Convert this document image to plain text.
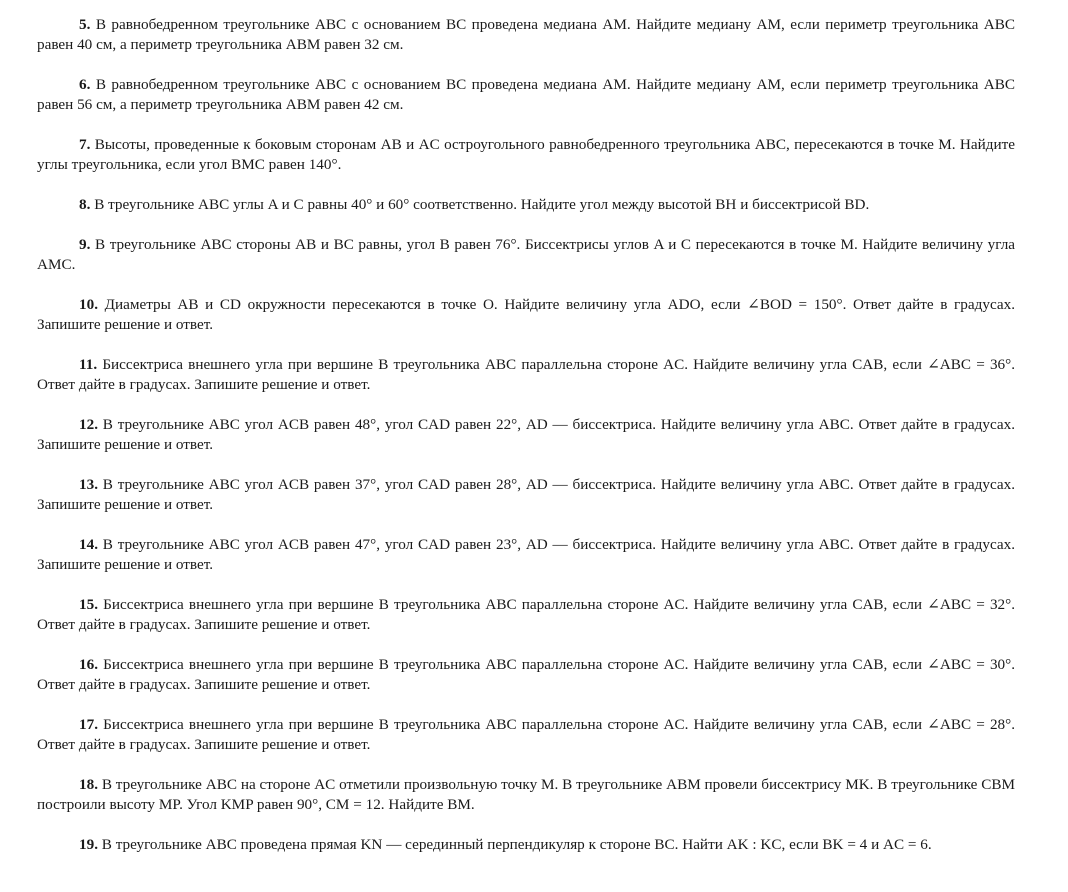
5. В равнобедренном треугольнике ABC с основанием BC проведена медиана AM. Найдите медиану AM, если периметр треугольника ABC равен 40 см, а периметр треугольника ABM равен 32 см.

6. В равнобедренном треугольнике ABC с основанием BC проведена медиана AM. Найдите медиану AM, если периметр треугольника ABC равен 56 см, а периметр треугольника ABM равен 42 см.

7. Высоты, проведенные к боковым сторонам AB и AC остроугольного равнобедренного треугольника ABC, пересекаются в точке M. Найдите углы треугольника, если угол BMC равен 140°.

8. В треугольнике ABC углы A и C равны 40° и 60° соответственно. Найдите угол между высотой BH и биссектрисой BD.

9. В треугольнике ABC стороны AB и BC равны, угол В равен 76°. Биссектрисы углов A и C пересекаются в точке M. Найдите величину угла AMC.

10. Диаметры AB и CD окружности пересекаются в точке O. Найдите величину угла ADO, если ∠BOD = 150°. Ответ дайте в градусах. Запишите решение и ответ.

11. Биссектриса внешнего угла при вершине B треугольника ABC параллельна стороне AC. Найдите величину угла CAB, если ∠ABC = 36°. Ответ дайте в градусах. Запишите решение и ответ.

12. В треугольнике ABC угол ACB равен 48°, угол CAD равен 22°, AD — биссектриса. Найдите величину угла ABC. Ответ дайте в градусах. Запишите решение и ответ.

13. В треугольнике ABC угол ACB равен 37°, угол CAD равен 28°, AD — биссектриса. Найдите величину угла ABC. Ответ дайте в градусах. Запишите решение и ответ.

14. В треугольнике ABC угол ACB равен 47°, угол CAD равен 23°, AD — биссектриса. Найдите величину угла ABC. Ответ дайте в градусах. Запишите решение и ответ.

15. Биссектриса внешнего угла при вершине B треугольника ABC параллельна стороне AC. Найдите величину угла CAB, если ∠ABC = 32°. Ответ дайте в градусах. Запишите решение и ответ.

16. Биссектриса внешнего угла при вершине B треугольника ABC параллельна стороне AC. Найдите величину угла CAB, если ∠ABC = 30°. Ответ дайте в градусах. Запишите решение и ответ.

17. Биссектриса внешнего угла при вершине B треугольника ABC параллельна стороне AC. Найдите величину угла CAB, если ∠ABC = 28°. Ответ дайте в градусах. Запишите решение и ответ.

18. В треугольнике ABC на стороне AC отметили произвольную точку M. В треугольнике ABM провели биссектрису MK. В треугольнике CBM построили высоту MP. Угол KMP равен 90°, CM = 12. Найдите BM.

19. В треугольнике ABC проведена прямая KN — серединный перпендикуляр к стороне BC. Найти AK : KC, если BK = 4 и AC = 6.
